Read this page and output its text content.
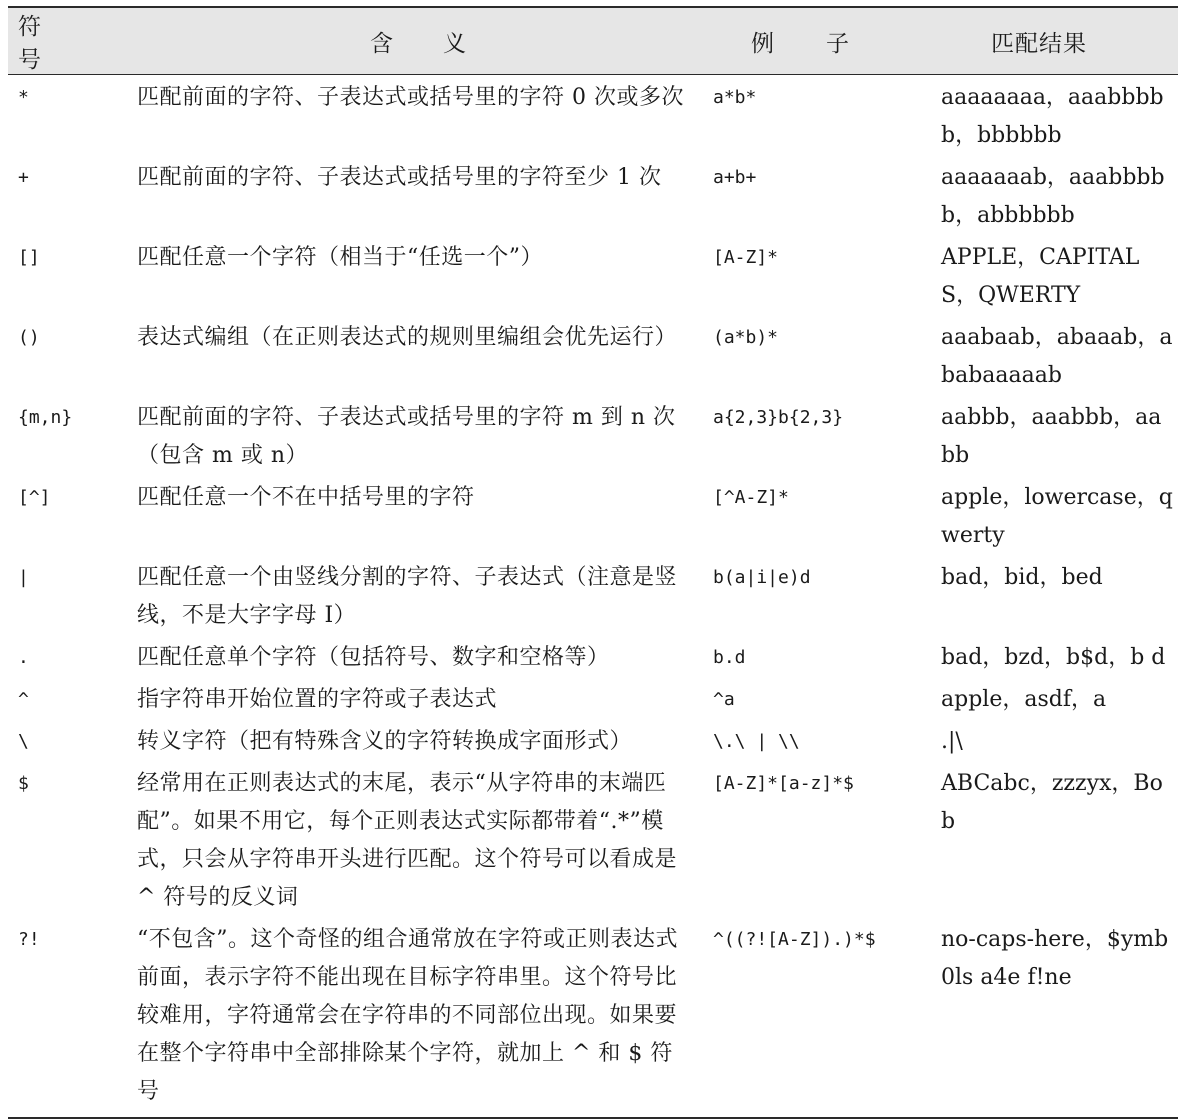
符号	含义	例子	匹配结果
*	匹配前面的字符、子表达式或括号里的字符 0 次或多次	a*b*	aaaaaaaa，aaabbbbb，bbbbbb
+	匹配前面的字符、子表达式或括号里的字符至少 1 次	a+b+	aaaaaaab，aaabbbbb，abbbbbb
[]	匹配任意一个字符（相当于“任选一个”）	[A-Z]*	APPLE，CAPITALS，QWERTY
()	表达式编组（在正则表达式的规则里编组会优先运行）	(a*b)*	aaabaab，abaaab，ababaaaaab
{m,n}	匹配前面的字符、子表达式或括号里的字符 m 到 n 次（包含 m 或 n）	a{2,3}b{2,3}	aabbb，aaabbb，aabb
[^]	匹配任意一个不在中括号里的字符	[^A-Z]*	apple，lowercase，qwerty
|	匹配任意一个由竖线分割的字符、子表达式（注意是竖线，不是大字字母 I）	b(a|i|e)d	bad，bid，bed
.	匹配任意单个字符（包括符号、数字和空格等）	b.d	bad，bzd，b$d，b d
^	指字符串开始位置的字符或子表达式	^a	apple，asdf，a
\	转义字符（把有特殊含义的字符转换成字面形式）	\.\ | \\	.|\
$	经常用在正则表达式的末尾，表示“从字符串的末端匹配”。如果不用它，每个正则表达式实际都带着“.*”模式，只会从字符串开头进行匹配。这个符号可以看成是 ^ 符号的反义词	[A-Z]*[a-z]*$	ABCabc，zzzyx，Bob
?!	“不包含”。这个奇怪的组合通常放在字符或正则表达式前面，表示字符不能出现在目标字符串里。这个符号比较难用，字符通常会在字符串的不同部位出现。如果要在整个字符串中全部排除某个字符，就加上 ^ 和 $ 符号	^((?![A-Z]).)*$	no-caps-here，$ymb0ls a4e f!ne
